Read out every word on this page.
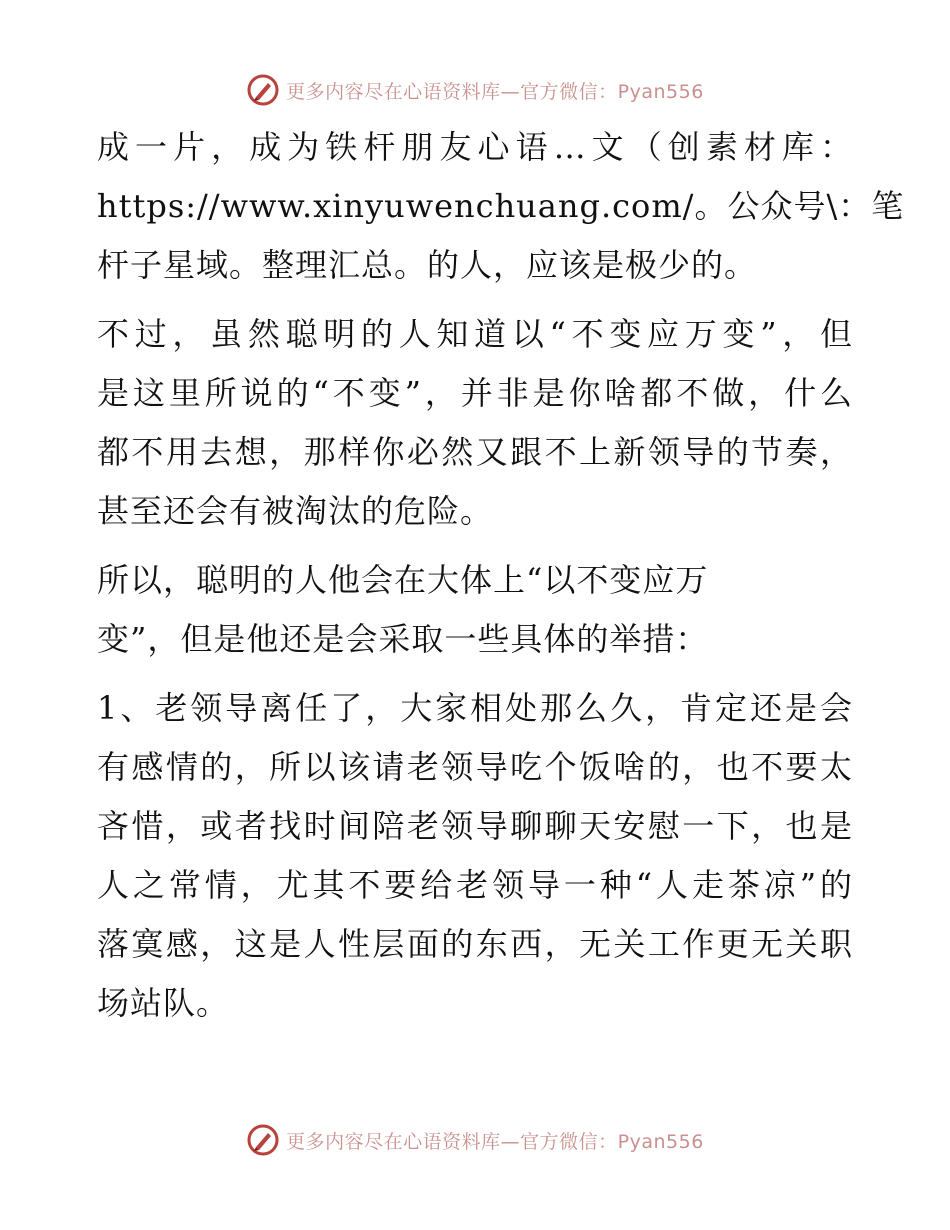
更多内容尽在心语资料库—官方微信：Pyan556

成一片，成为铁杆朋友心语…文（创素材库：
https://www.xinyuwenchuang.com/。公众号\：笔
杆子星域。整理汇总。的人，应该是极少的。

不过，虽然聪明的人知道以“不变应万变”，但
是这里所说的“不变”，并非是你啥都不做，什么
都不用去想，那样你必然又跟不上新领导的节奏，
甚至还会有被淘汰的危险。

所以，聪明的人他会在大体上“以不变应万
变”，但是他还是会采取一些具体的举措：

1、老领导离任了，大家相处那么久，肯定还是会
有感情的，所以该请老领导吃个饭啥的，也不要太
吝惜，或者找时间陪老领导聊聊天安慰一下，也是
人之常情，尤其不要给老领导一种“人走茶凉”的
落寞感，这是人性层面的东西，无关工作更无关职
场站队。

更多内容尽在心语资料库—官方微信：Pyan556
